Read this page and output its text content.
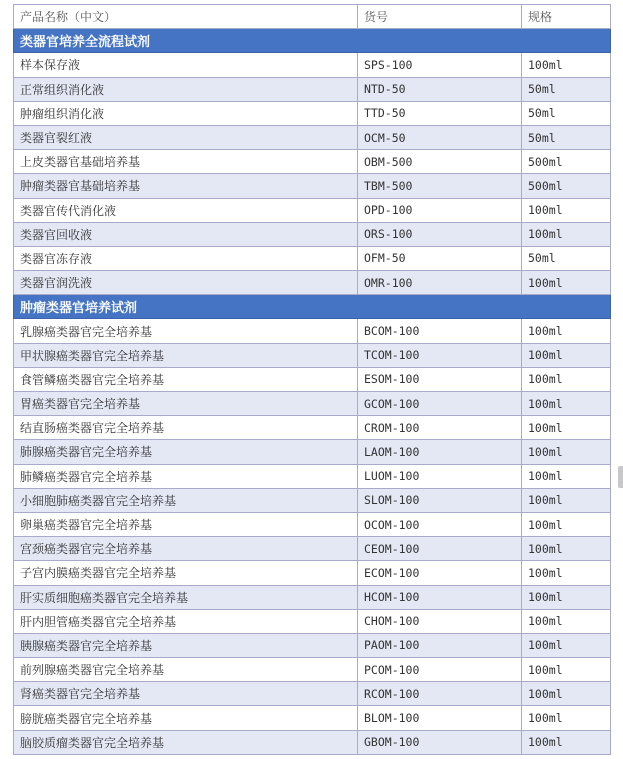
产品名称（中文）	货号	规格
类器官培养全流程试剂
样本保存液	SPS-100	100ml
正常组织消化液	NTD-50	50ml
肿瘤组织消化液	TTD-50	50ml
类器官裂红液	OCM-50	50ml
上皮类器官基础培养基	OBM-500	500ml
肿瘤类器官基础培养基	TBM-500	500ml
类器官传代消化液	OPD-100	100ml
类器官回收液	ORS-100	100ml
类器官冻存液	OFM-50	50ml
类器官润洗液	OMR-100	100ml
肿瘤类器官培养试剂
乳腺癌类器官完全培养基	BCOM-100	100ml
甲状腺癌类器官完全培养基	TCOM-100	100ml
食管鳞癌类器官完全培养基	ESOM-100	100ml
胃癌类器官完全培养基	GCOM-100	100ml
结直肠癌类器官完全培养基	CROM-100	100ml
肺腺癌类器官完全培养基	LAOM-100	100ml
肺鳞癌类器官完全培养基	LUOM-100	100ml
小细胞肺癌类器官完全培养基	SLOM-100	100ml
卵巢癌类器官完全培养基	OCOM-100	100ml
宫颈癌类器官完全培养基	CEOM-100	100ml
子宫内膜癌类器官完全培养基	ECOM-100	100ml
肝实质细胞癌类器官完全培养基	HCOM-100	100ml
肝内胆管癌类器官完全培养基	CHOM-100	100ml
胰腺癌类器官完全培养基	PAOM-100	100ml
前列腺癌类器官完全培养基	PCOM-100	100ml
肾癌类器官完全培养基	RCOM-100	100ml
膀胱癌类器官完全培养基	BLOM-100	100ml
脑胶质瘤类器官完全培养基	GBOM-100	100ml
